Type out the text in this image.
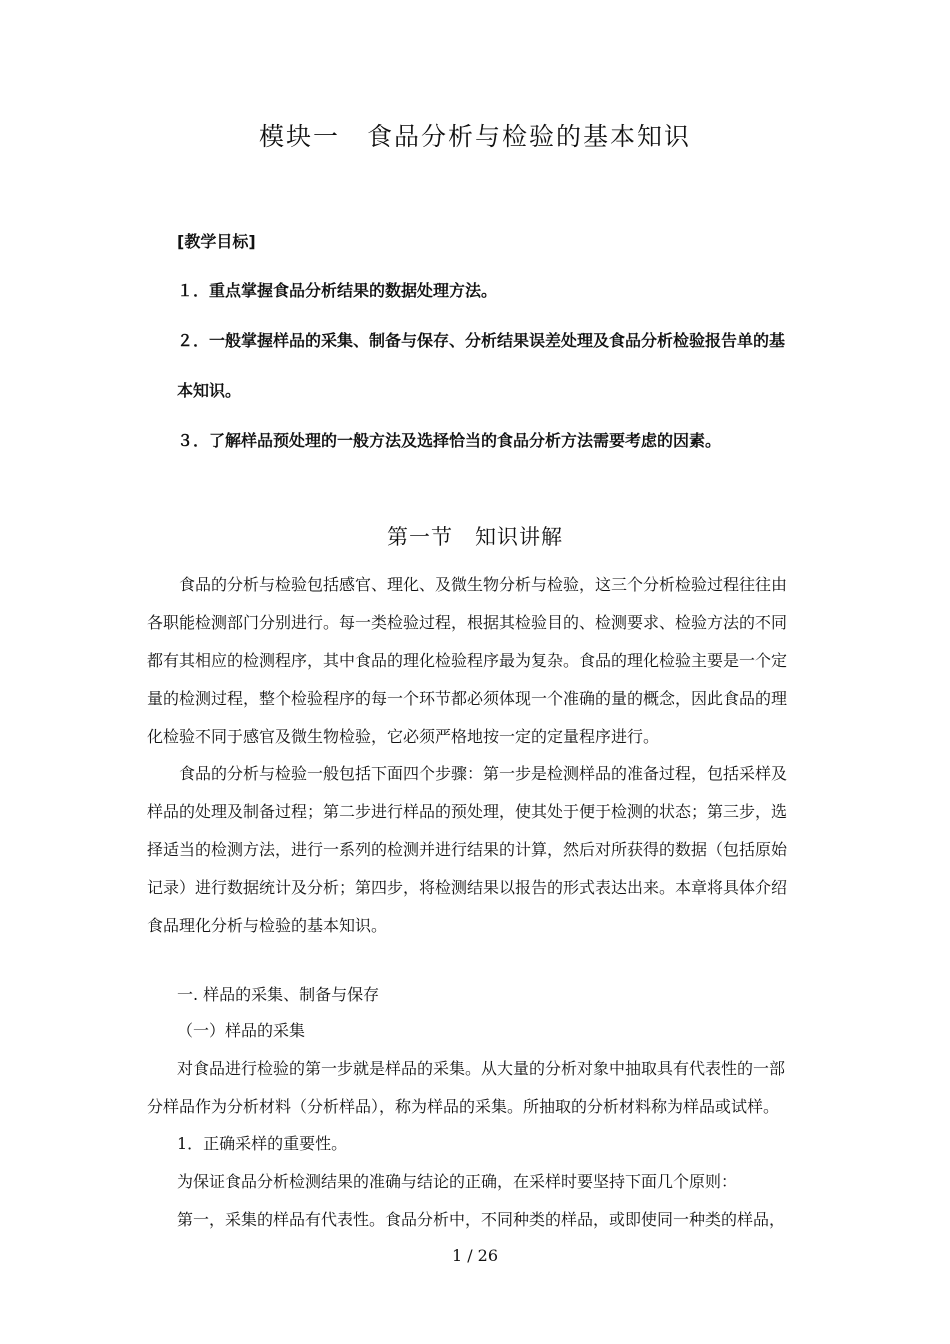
模块一　食品分析与检验的基本知识
[教学目标]
１．重点掌握食品分析结果的数据处理方法。
２．一般掌握样品的采集、制备与保存、分析结果误差处理及食品分析检验报告单的基
本知识。
３．了解样品预处理的一般方法及选择恰当的食品分析方法需要考虑的因素。
第一节　知识讲解
　　食品的分析与检验包括感官、理化、及微生物分析与检验，这三个分析检验过程往往由
各职能检测部门分别进行。每一类检验过程，根据其检验目的、检测要求、检验方法的不同
都有其相应的检测程序，其中食品的理化检验程序最为复杂。食品的理化检验主要是一个定
量的检测过程，整个检验程序的每一个环节都必须体现一个准确的量的概念，因此食品的理
化检验不同于感官及微生物检验，它必须严格地按一定的定量程序进行。
　　食品的分析与检验一般包括下面四个步骤：第一步是检测样品的准备过程，包括采样及
样品的处理及制备过程；第二步进行样品的预处理，使其处于便于检测的状态；第三步，选
择适当的检测方法，进行一系列的检测并进行结果的计算，然后对所获得的数据（包括原始
记录）进行数据统计及分析；第四步，将检测结果以报告的形式表达出来。本章将具体介绍
食品理化分析与检验的基本知识。
一. 样品的采集、制备与保存
（一）样品的采集
对食品进行检验的第一步就是样品的采集。从大量的分析对象中抽取具有代表性的一部
分样品作为分析材料（分析样品），称为样品的采集。所抽取的分析材料称为样品或试样。
1．正确采样的重要性。
为保证食品分析检测结果的准确与结论的正确，在采样时要坚持下面几个原则：
第一，采集的样品有代表性。食品分析中，不同种类的样品，或即使同一种类的样品，
1 / 26
